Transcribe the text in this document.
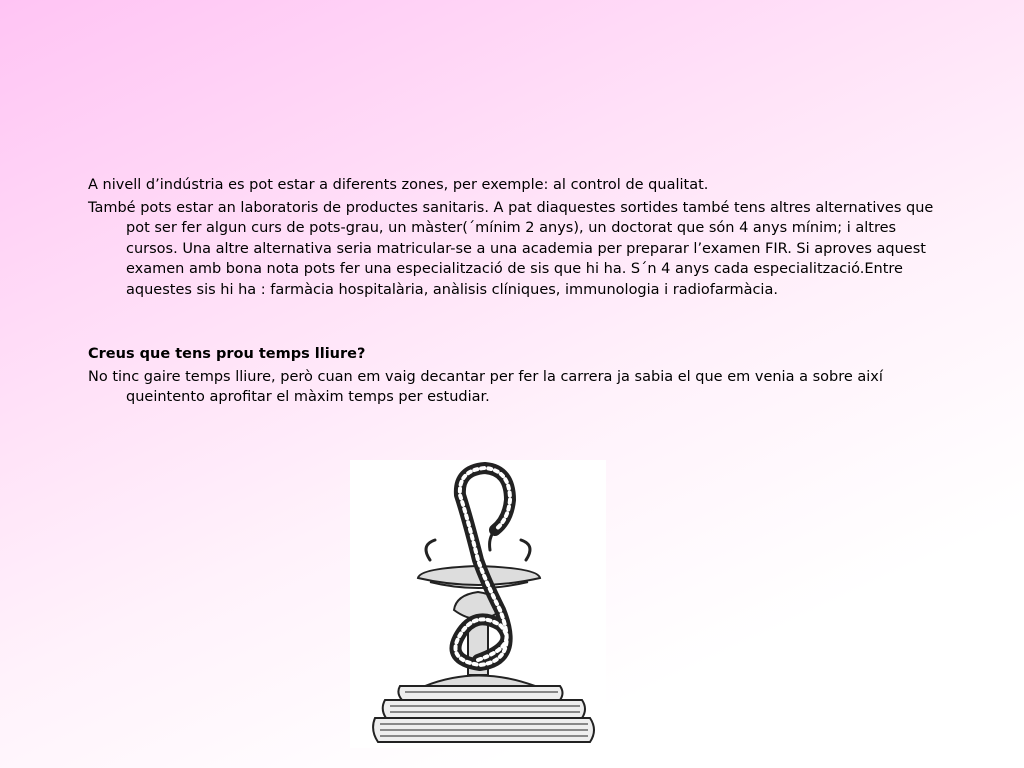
A nivell d’indústria es pot estar a diferents zones, per exemple: al control de qualitat.

També pots estar an laboratoris de productes sanitaris. A pat diaquestes sortides també tens altres alternatives que pot ser fer algun curs de pots-grau, un màster(´mínim 2 anys), un doctorat que són 4 anys mínim; i altres cursos. Una altre alternativa seria matricular-se a una academia per preparar l’examen FIR. Si aproves aquest examen amb bona nota pots fer una especialització de sis que hi ha. S´n 4 anys cada especialització.Entre aquestes sis hi ha : farmàcia hospitalària, anàlisis clíniques, immunologia i radiofarmàcia.

Creus que tens prou temps lliure?

No tinc gaire temps lliure, però cuan em vaig decantar per fer la carrera ja sabia el que em venia a sobre així queintento aprofitar el màxim temps per estudiar.
